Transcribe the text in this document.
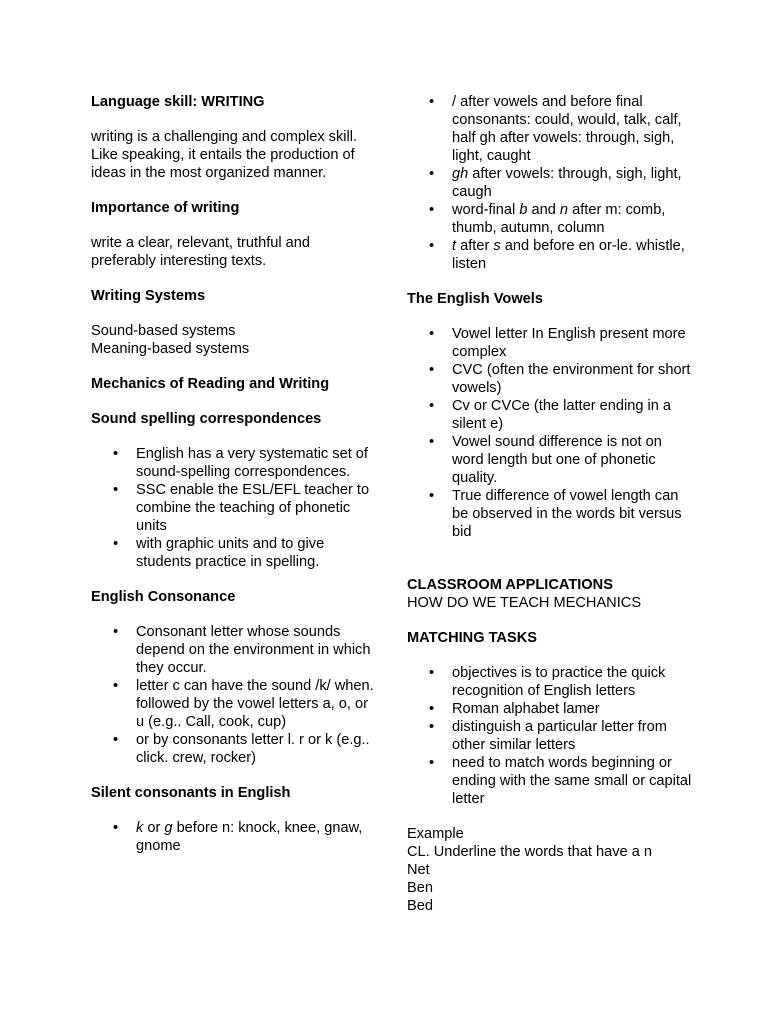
Language skill: WRITING

writing is a challenging and complex skill. Like speaking, it entails the production of ideas in the most organized manner.

Importance of writing

write a clear, relevant, truthful and preferably interesting texts.

Writing Systems
Sound-based systems
Meaning-based systems
Mechanics of Reading and Writing
Sound spelling correspondences
• English has a very systematic set of sound-spelling correspondences.
• SSC enable the ESL/EFL teacher to combine the teaching of phonetic units
• with graphic units and to give students practice in spelling.
English Consonance
• Consonant letter whose sounds depend on the environment in which they occur.
• letter c can have the sound /k/ when. followed by the vowel letters a, o, or u (e.g.. Call, cook, cup)
• or by consonants letter l. r or k (e.g.. click. crew, rocker)
Silent consonants in English
• k or g before n: knock, knee, gnaw, gnome
• / after vowels and before final consonants: could, would, talk, calf, half gh after vowels: through, sigh, light, caught
• gh after vowels: through, sigh, light, caugh
• word-final b and n after m: comb, thumb, autumn, column
• t after s and before en or-le. whistle, listen
The English Vowels
• Vowel letter In English present more complex
• CVC (often the environment for short vowels)
• Cv or CVCe (the latter ending in a silent e)
• Vowel sound difference is not on word length but one of phonetic quality.
• True difference of vowel length can be observed in the words bit versus bid
CLASSROOM APPLICATIONS

HOW DO WE TEACH MECHANICS

MATCHING TASKS
• objectives is to practice the quick recognition of English letters
• Roman alphabet lamer
• distinguish a particular letter from other similar letters
• need to match words beginning or ending with the same small or capital letter
Example
CL. Underline the words that have a n
Net
Ben
Bed
